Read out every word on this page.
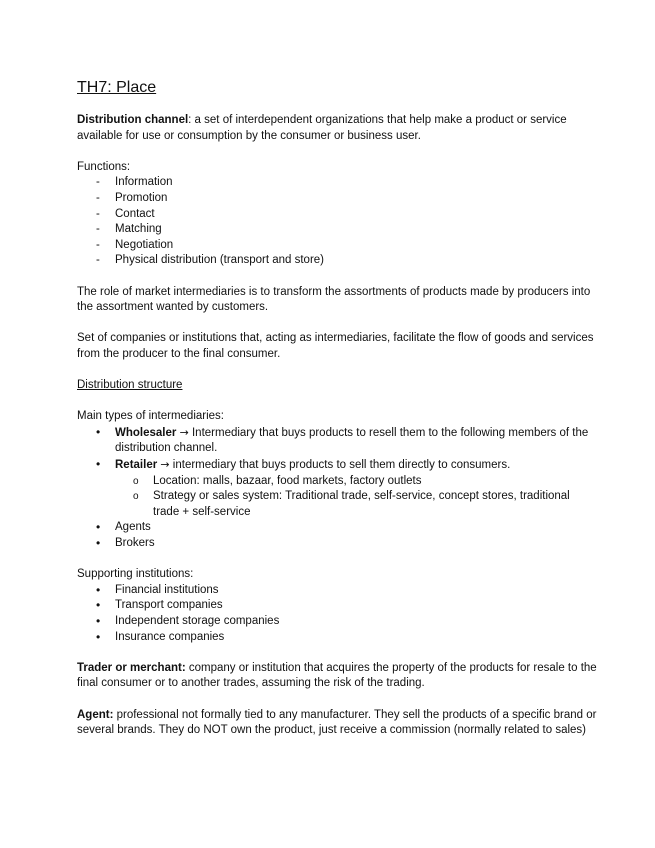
TH7: Place

Distribution channel: a set of interdependent organizations that help make a product or service available for use or consumption by the consumer or business user.

Functions:

- Information
- Promotion
- Contact
- Matching
- Negotiation
- Physical distribution (transport and store)

The role of market intermediaries is to transform the assortments of products made by producers into the assortment wanted by customers.

Set of companies or institutions that, acting as intermediaries, facilitate the flow of goods and services from the producer to the final consumer.

Distribution structure

Main types of intermediaries:

• Wholesaler → Intermediary that buys products to resell them to the following members of the distribution channel.
• Retailer → intermediary that buys products to sell them directly to consumers.
o Location: malls, bazaar, food markets, factory outlets
o Strategy or sales system: Traditional trade, self-service, concept stores, traditional trade + self-service
• Agents
• Brokers

Supporting institutions:

• Financial institutions
• Transport companies
• Independent storage companies
• Insurance companies

Trader or merchant: company or institution that acquires the property of the products for resale to the final consumer or to another trades, assuming the risk of the trading.

Agent: professional not formally tied to any manufacturer. They sell the products of a specific brand or several brands. They do NOT own the product, just receive a commission (normally related to sales)
